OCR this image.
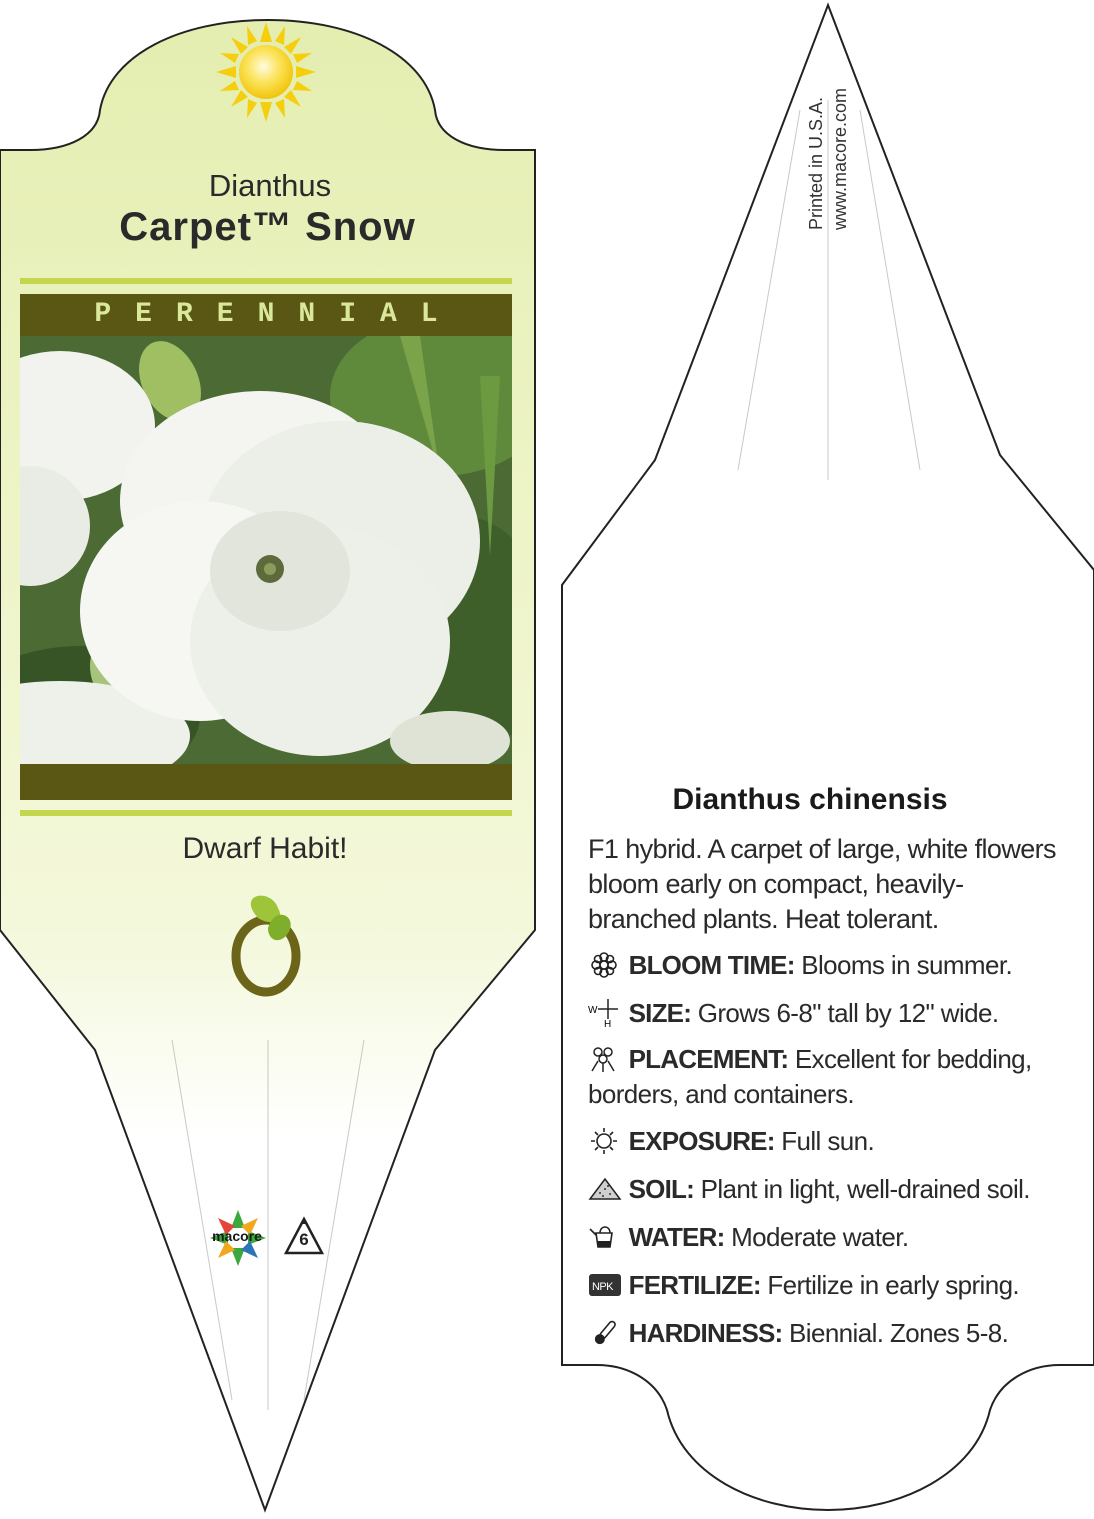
Dianthus
Carpet™ Snow
PERENNIAL
Dwarf Habit!
macore	6
Printed in U.S.A. www.macore.com
Dianthus chinensis
F1 hybrid. A carpet of large, white flowers bloom early on compact, heavily-branched plants. Heat tolerant.
BLOOM TIME: Blooms in summer.
W
H SIZE: Grows 6-8" tall by 12" wide.
PLACEMENT: Excellent for bedding, borders, and containers.
EXPOSURE: Full sun.
SOIL: Plant in light, well-drained soil.
WATER: Moderate water.
NPK FERTILIZE: Fertilize in early spring.
HARDINESS: Biennial. Zones 5-8.
